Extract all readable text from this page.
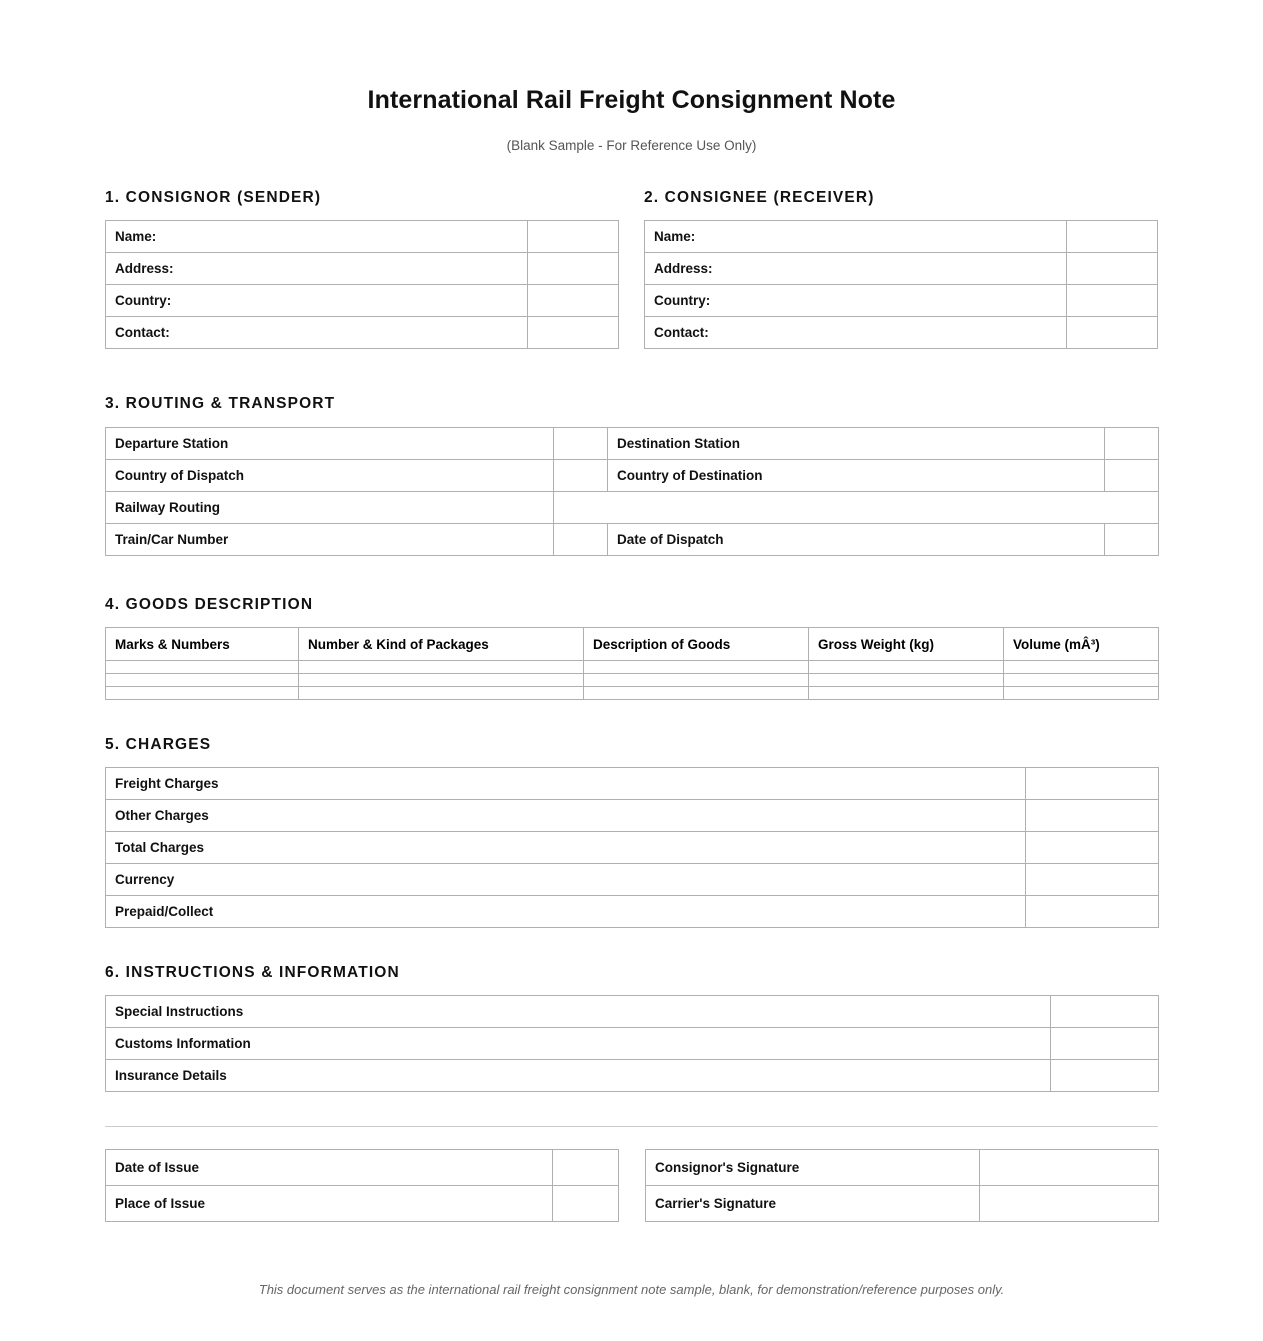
International Rail Freight Consignment Note
(Blank Sample - For Reference Use Only)
1. CONSIGNOR (SENDER)
Name:	
Address:	
Country:	
Contact:	
2. CONSIGNEE (RECEIVER)
Name:	
Address:	
Country:	
Contact:	
3. ROUTING & TRANSPORT
Departure Station		Destination Station	
Country of Dispatch		Country of Destination	
Railway Routing			
Train/Car Number		Date of Dispatch	
4. GOODS DESCRIPTION
Marks & Numbers	Number & Kind of Packages	Description of Goods	Gross Weight (kg)	Volume (mÂ³)

5. CHARGES
Freight Charges	
Other Charges	
Total Charges	
Currency	
Prepaid/Collect	
6. INSTRUCTIONS & INFORMATION
Special Instructions	
Customs Information	
Insurance Details	
Date of Issue	
Place of Issue	
Consignor's Signature	
Carrier's Signature	
This document serves as the international rail freight consignment note sample, blank, for demonstration/reference purposes only.
